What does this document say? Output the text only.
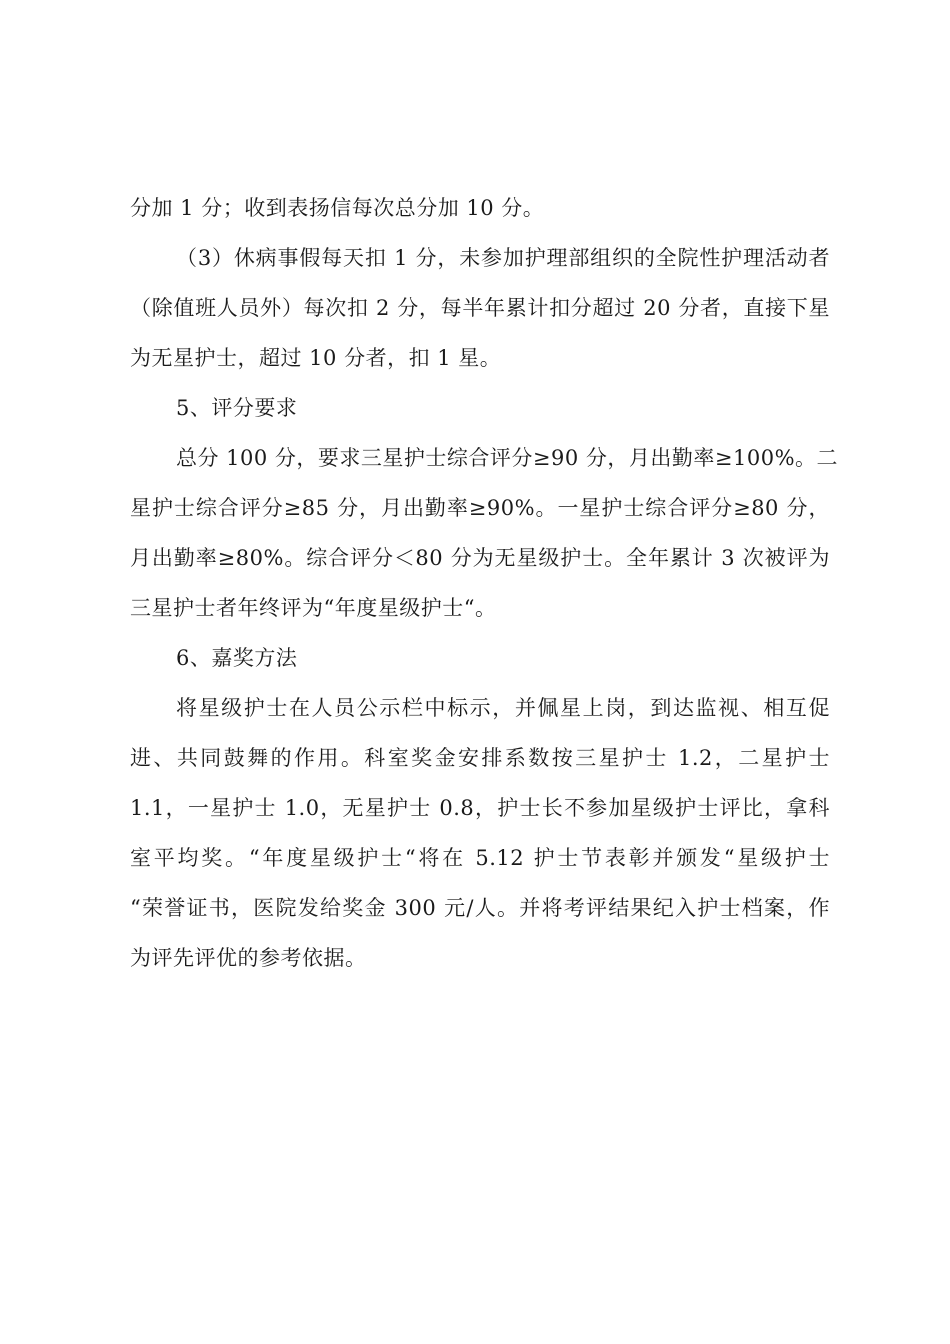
分加 1 分；收到表扬信每次总分加 10 分。
（3）休病事假每天扣 1 分，未参加护理部组织的全院性护理活动者
（除值班人员外）每次扣 2 分，每半年累计扣分超过 20 分者，直接下星
为无星护士，超过 10 分者，扣 1 星。
5、评分要求
总分 100 分，要求三星护士综合评分≥90 分，月出勤率≥100%。二
星护士综合评分≥85 分，月出勤率≥90%。一星护士综合评分≥80 分，
月出勤率≥80%。综合评分＜80 分为无星级护士。全年累计 3 次被评为
三星护士者年终评为“年度星级护士“。
6、嘉奖方法
将星级护士在人员公示栏中标示，并佩星上岗，到达监视、相互促
进、共同鼓舞的作用。科室奖金安排系数按三星护士 1.2，二星护士
1.1，一星护士 1.0，无星护士 0.8，护士长不参加星级护士评比，拿科
室平均奖。“年度星级护士“将在 5.12 护士节表彰并颁发“星级护士
“荣誉证书，医院发给奖金 300 元/人。并将考评结果纪入护士档案，作
为评先评优的参考依据。
